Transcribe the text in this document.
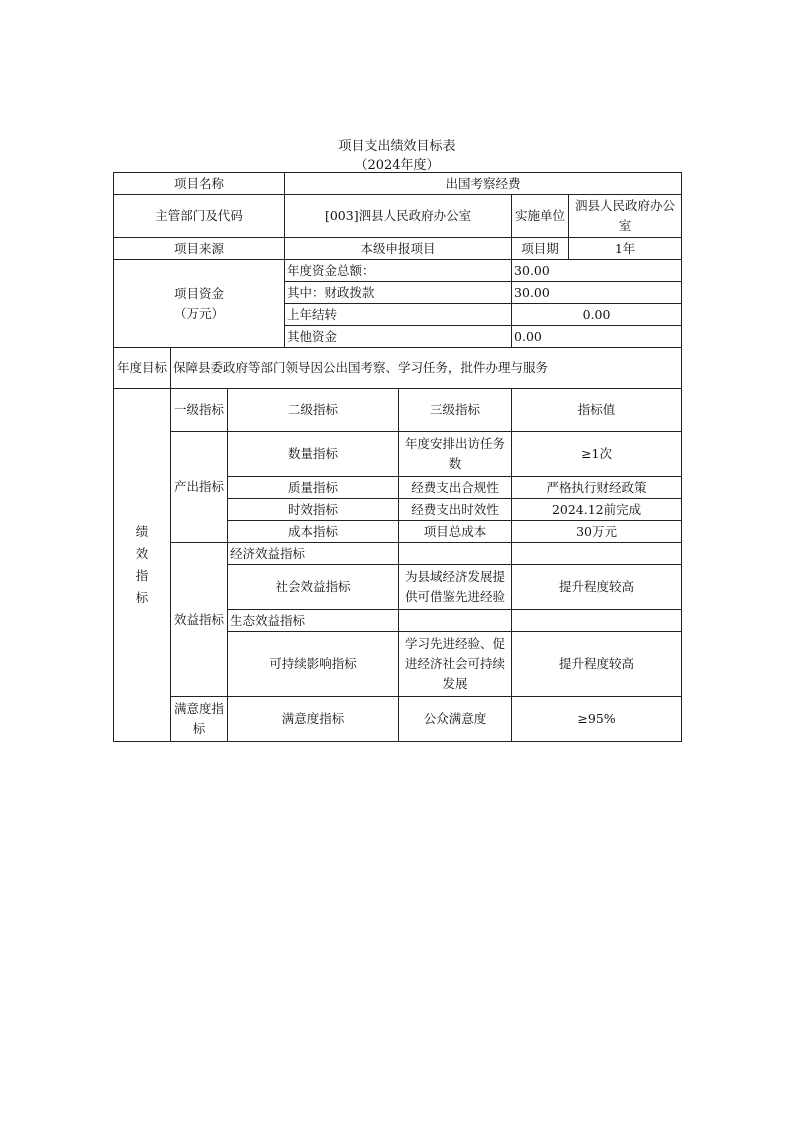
项目支出绩效目标表
（2024年度）
项目名称			出国考察经费			
主管部门及代码			[003]泗县人民政府办公室		实施单位	泗县人民政府办公室
项目来源			本级申报项目		项目期	1年

项目资金
（万元）			年度资金总额：		30.00	
			其中：财政拨款		30.00	
			上年结转		0.00	
			其他资金		0.00	
年度目标	保障县委政府等部门领导因公出国考察、学习任务，批件办理与服务					

绩效指标	一级指标	二级指标		三级指标	指标值	
	产出指标	数量指标		年度安排出访任务数	≥1次	
		质量指标		经费支出合规性	严格执行财经政策	
		时效指标		经费支出时效性	2024.12前完成	
		成本指标		项目总成本	30万元	
	效益指标	经济效益指标				
		社会效益指标		为县域经济发展提供可借鉴先进经验	提升程度较高	
		生态效益指标				
		可持续影响指标		学习先进经验、促进经济社会可持续发展	提升程度较高	
	满意度指标	满意度指标		公众满意度	≥95%	
